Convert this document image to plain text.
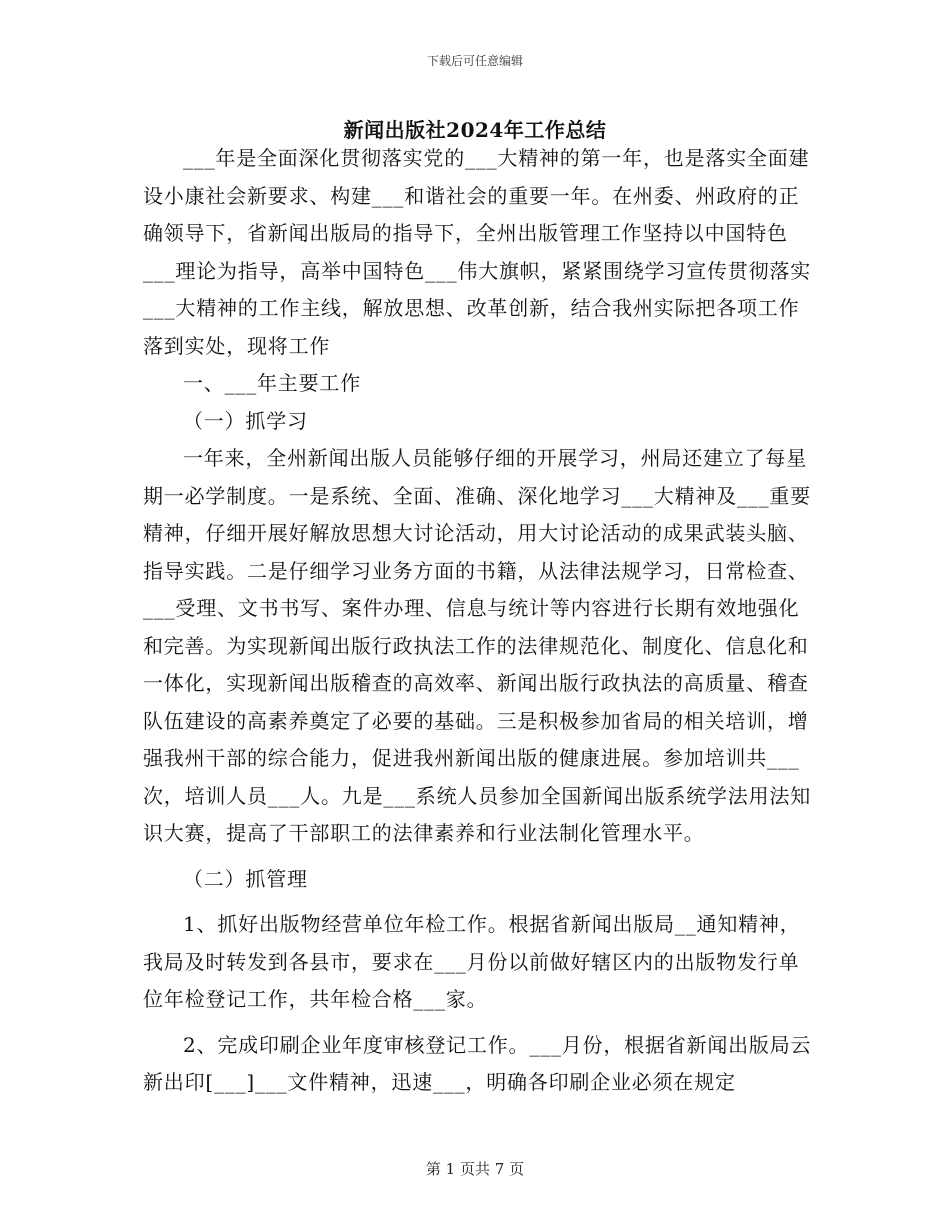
下载后可任意编辑
新闻出版社2024年工作总结

___年是全面深化贯彻落实党的___大精神的第一年，也是落实全面建设小康社会新要求、构建___和谐社会的重要一年。在州委、州政府的正确领导下，省新闻出版局的指导下，全州出版管理工作坚持以中国特色___理论为指导，高举中国特色___伟大旗帜，紧紧围绕学习宣传贯彻落实___大精神的工作主线，解放思想、改革创新，结合我州实际把各项工作落到实处，现将工作

一、___年主要工作

（一）抓学习

一年来，全州新闻出版人员能够仔细的开展学习，州局还建立了每星期一必学制度。一是系统、全面、准确、深化地学习___大精神及___重要精神，仔细开展好解放思想大讨论活动，用大讨论活动的成果武装头脑、指导实践。二是仔细学习业务方面的书籍，从法律法规学习，日常检查、___受理、文书书写、案件办理、信息与统计等内容进行长期有效地强化和完善。为实现新闻出版行政执法工作的法律规范化、制度化、信息化和一体化，实现新闻出版稽查的高效率、新闻出版行政执法的高质量、稽查队伍建设的高素养奠定了必要的基础。三是积极参加省局的相关培训，增强我州干部的综合能力，促进我州新闻出版的健康进展。参加培训共___次，培训人员___人。九是___系统人员参加全国新闻出版系统学法用法知识大赛，提高了干部职工的法律素养和行业法制化管理水平。

（二）抓管理

1、抓好出版物经营单位年检工作。根据省新闻出版局__通知精神，我局及时转发到各县市，要求在___月份以前做好辖区内的出版物发行单位年检登记工作，共年检合格___家。

2、完成印刷企业年度审核登记工作。___月份，根据省新闻出版局云新出印[___]___文件精神，迅速___，明确各印刷企业必须在规定

第 1 页共 7 页
